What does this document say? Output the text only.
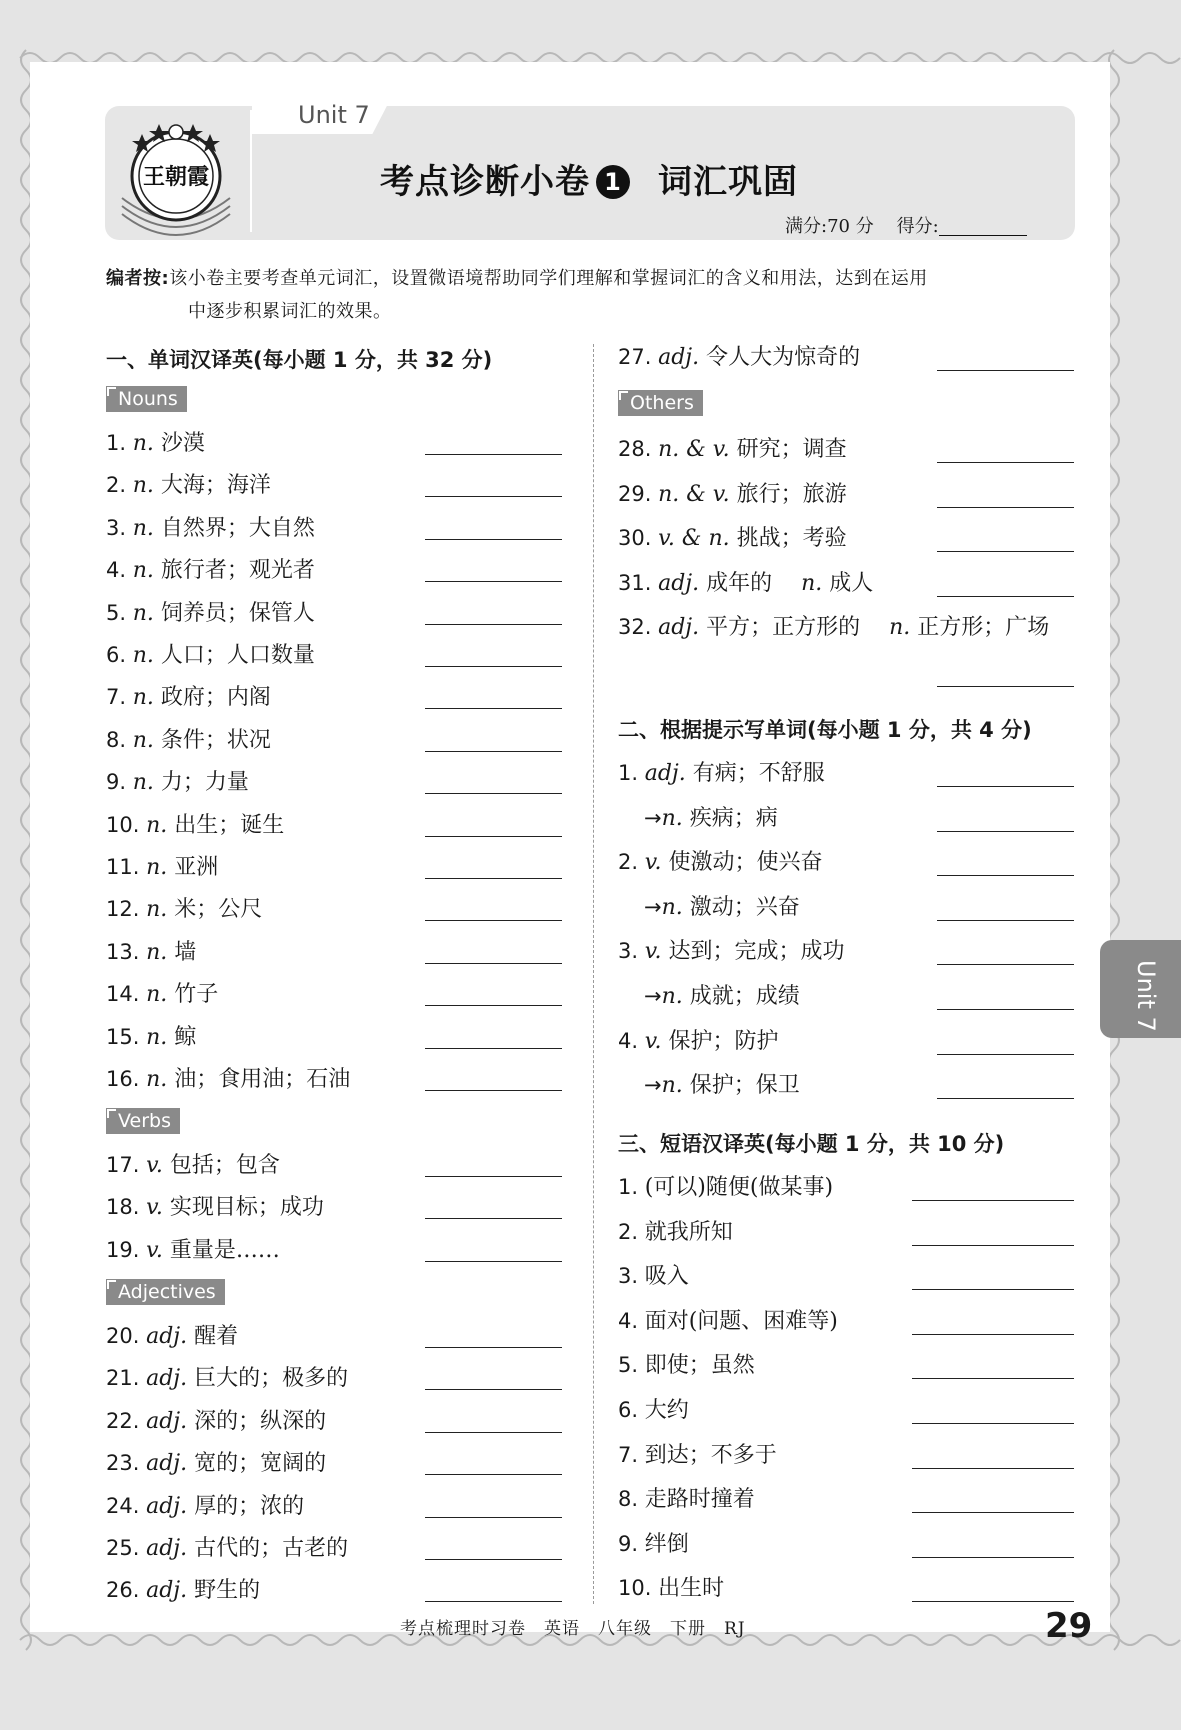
Unit 7
王朝霞	考点诊断小卷 1 词汇巩固
满分:70 分 得分:
编者按:该小卷主要考查单元词汇，设置微语境帮助同学们理解和掌握词汇的含义和用法，达到在运用
中逐步积累词汇的效果。
一、单词汉译英(每小题 1 分，共 32 分)
Nouns
1. n. 沙漠
2. n. 大海；海洋
3. n. 自然界；大自然
4. n. 旅行者；观光者
5. n. 饲养员；保管人
6. n. 人口；人口数量
7. n. 政府；内阁
8. n. 条件；状况
9. n. 力；力量
10. n. 出生；诞生
11. n. 亚洲
12. n. 米；公尺
13. n. 墙
14. n. 竹子
15. n. 鲸
16. n. 油；食用油；石油
Verbs
17. v. 包括；包含
18. v. 实现目标；成功
19. v. 重量是……
Adjectives
20. adj. 醒着
21. adj. 巨大的；极多的
22. adj. 深的；纵深的
23. adj. 宽的；宽阔的
24. adj. 厚的；浓的
25. adj. 古代的；古老的
26. adj. 野生的
27. adj. 令人大为惊奇的
Others
28. n. & v. 研究；调查
29. n. & v. 旅行；旅游
30. v. & n. 挑战；考验
31. adj. 成年的　 n. 成人
32. adj. 平方；正方形的　 n. 正方形；广场
二、根据提示写单词(每小题 1 分，共 4 分)
1. adj. 有病；不舒服
→n. 疾病；病
2. v. 使激动；使兴奋
→n. 激动；兴奋
3. v. 达到；完成；成功
→n. 成就；成绩
4. v. 保护；防护
→n. 保护；保卫
三、短语汉译英(每小题 1 分，共 10 分)
1. (可以)随便(做某事)
2. 就我所知
3. 吸入
4. 面对(问题、困难等)
5. 即使；虽然
6. 大约
7. 到达；不多于
8. 走路时撞着
9. 绊倒
10. 出生时
Unit 7
考点梳理时习卷 英语 八年级 下册 RJ	29
